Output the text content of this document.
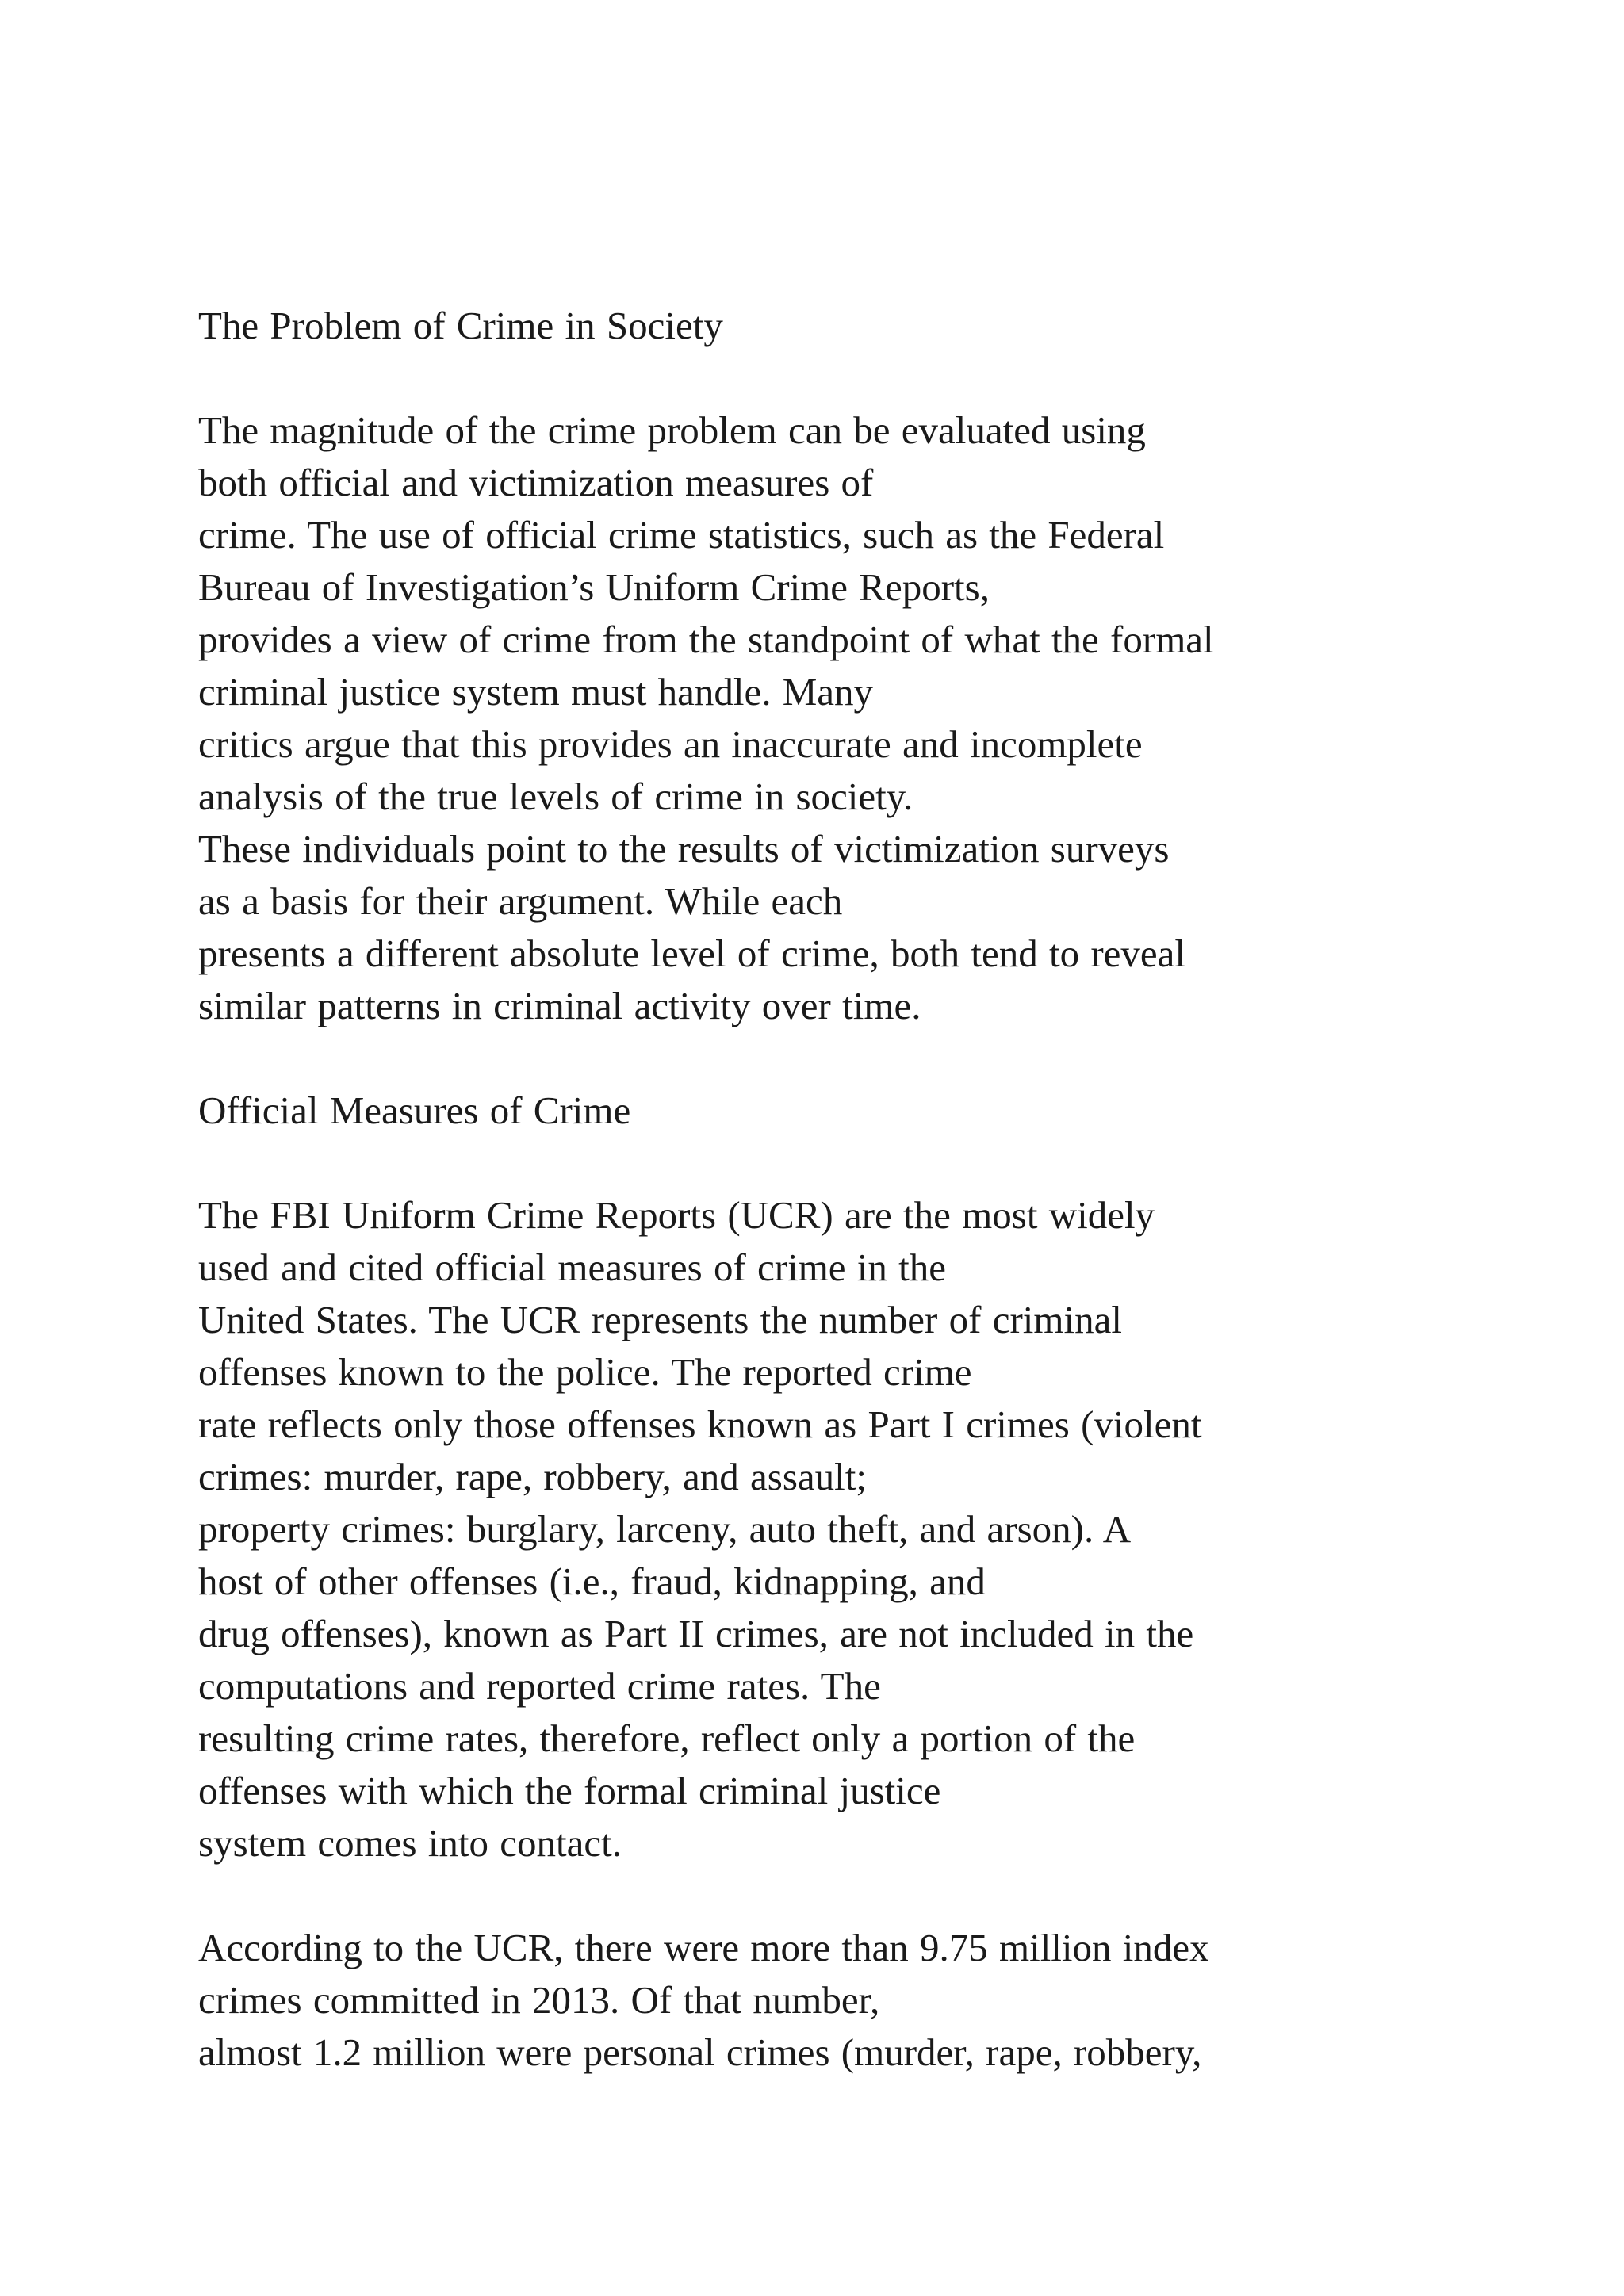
The Problem of Crime in Society
The magnitude of the crime problem can be evaluated using
both official and victimization measures of
crime. The use of official crime statistics, such as the Federal
Bureau of Investigation’s Uniform Crime Reports,
provides a view of crime from the standpoint of what the formal
criminal justice system must handle. Many
critics argue that this provides an inaccurate and incomplete
analysis of the true levels of crime in society.
These individuals point to the results of victimization surveys
as a basis for their argument. While each
presents a different absolute level of crime, both tend to reveal
similar patterns in criminal activity over time.
Official Measures of Crime
The FBI Uniform Crime Reports (UCR) are the most widely
used and cited official measures of crime in the
United States. The UCR represents the number of criminal
offenses known to the police. The reported crime
rate reflects only those offenses known as Part I crimes (violent
crimes: murder, rape, robbery, and assault;
property crimes: burglary, larceny, auto theft, and arson). A
host of other offenses (i.e., fraud, kidnapping, and
drug offenses), known as Part II crimes, are not included in the
computations and reported crime rates. The
resulting crime rates, therefore, reflect only a portion of the
offenses with which the formal criminal justice
system comes into contact.
According to the UCR, there were more than 9.75 million index
crimes committed in 2013. Of that number,
almost 1.2 million were personal crimes (murder, rape, robbery,
